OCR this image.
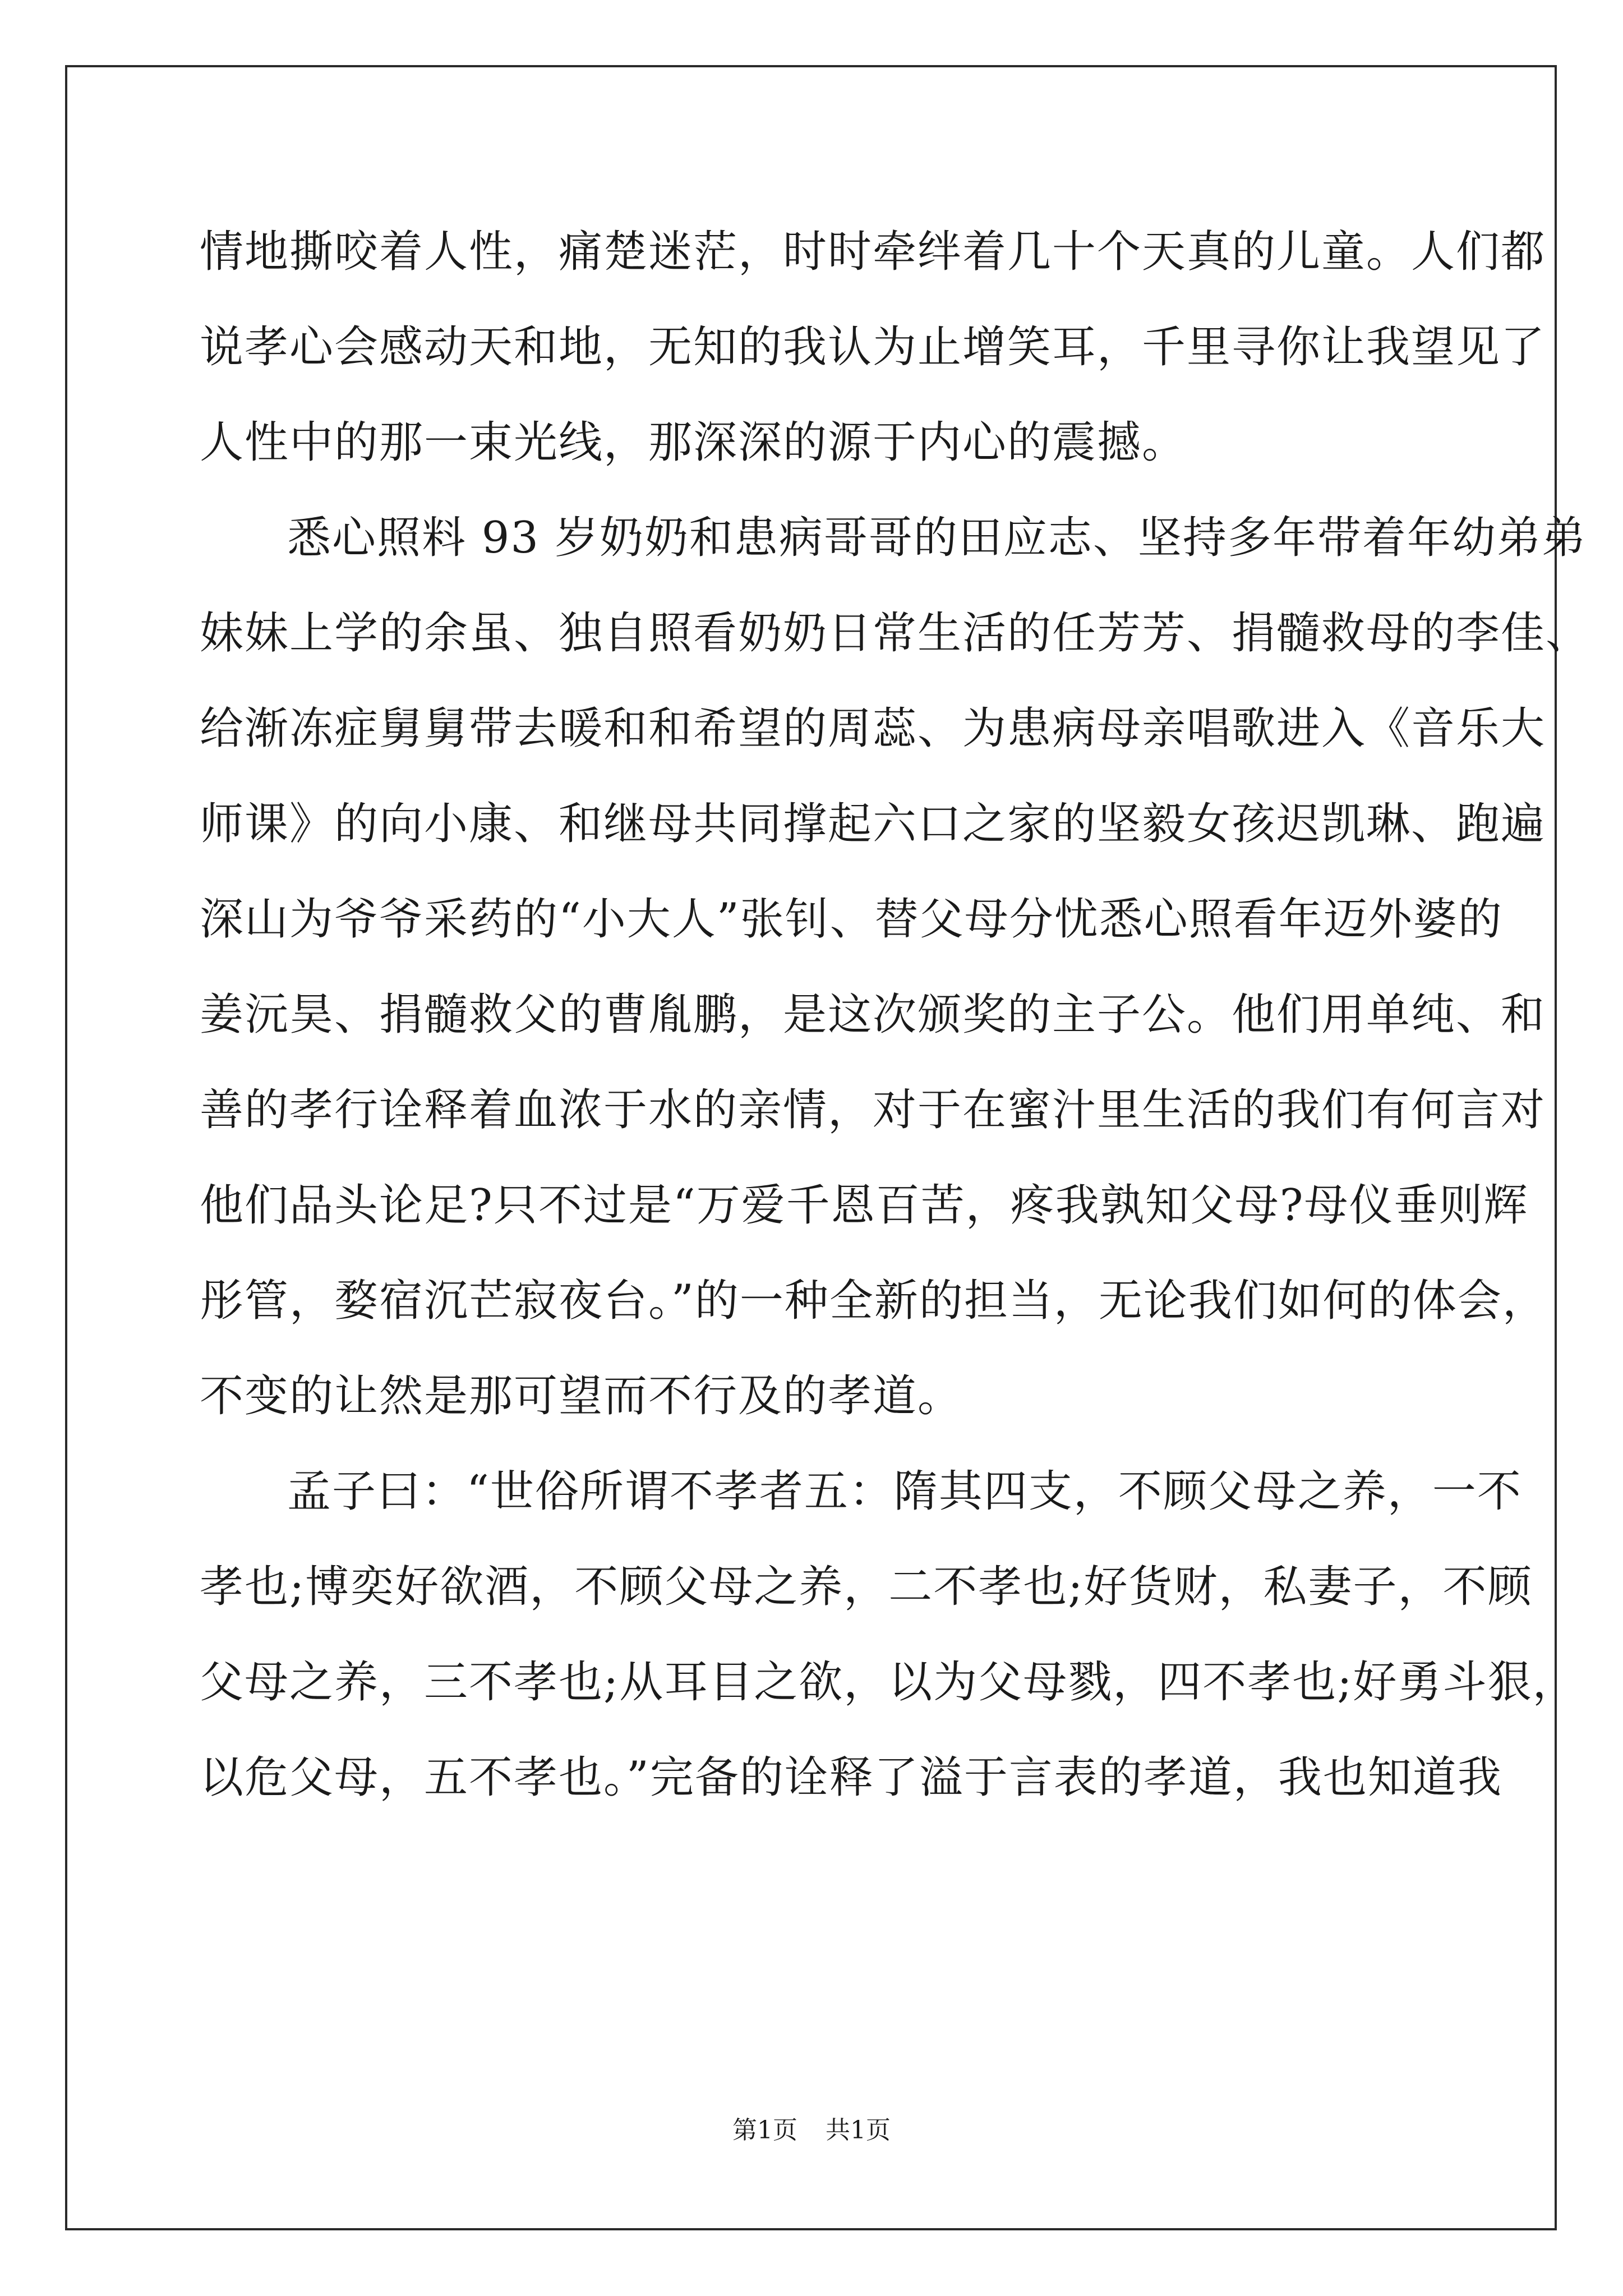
情地撕咬着人性，痛楚迷茫，时时牵绊着几十个天真的儿童。人们都
说孝心会感动天和地，无知的我认为止增笑耳，千里寻你让我望见了
人性中的那一束光线，那深深的源于内心的震撼。
悉心照料 93 岁奶奶和患病哥哥的田应志、坚持多年带着年幼弟弟
妹妹上学的余虽、独自照看奶奶日常生活的任芳芳、捐髓救母的李佳、
给渐冻症舅舅带去暖和和希望的周蕊、为患病母亲唱歌进入《音乐大
师课》的向小康、和继母共同撑起六口之家的坚毅女孩迟凯琳、跑遍
深山为爷爷采药的“小大人”张钊、替父母分忧悉心照看年迈外婆的
姜沅昊、捐髓救父的曹胤鹏，是这次颁奖的主子公。他们用单纯、和
善的孝行诠释着血浓于水的亲情，对于在蜜汁里生活的我们有何言对
他们品头论足?只不过是“万爱千恩百苦，疼我孰知父母?母仪垂则辉
彤管，婺宿沉芒寂夜台。”的一种全新的担当，无论我们如何的体会，
不变的让然是那可望而不行及的孝道。
孟子曰：“世俗所谓不孝者五：隋其四支，不顾父母之养，一不
孝也;博奕好欲酒，不顾父母之养，二不孝也;好货财，私妻子，不顾
父母之养，三不孝也;从耳目之欲，以为父母戮，四不孝也;好勇斗狠，
以危父母，五不孝也。”完备的诠释了溢于言表的孝道，我也知道我
第1页 共1页
